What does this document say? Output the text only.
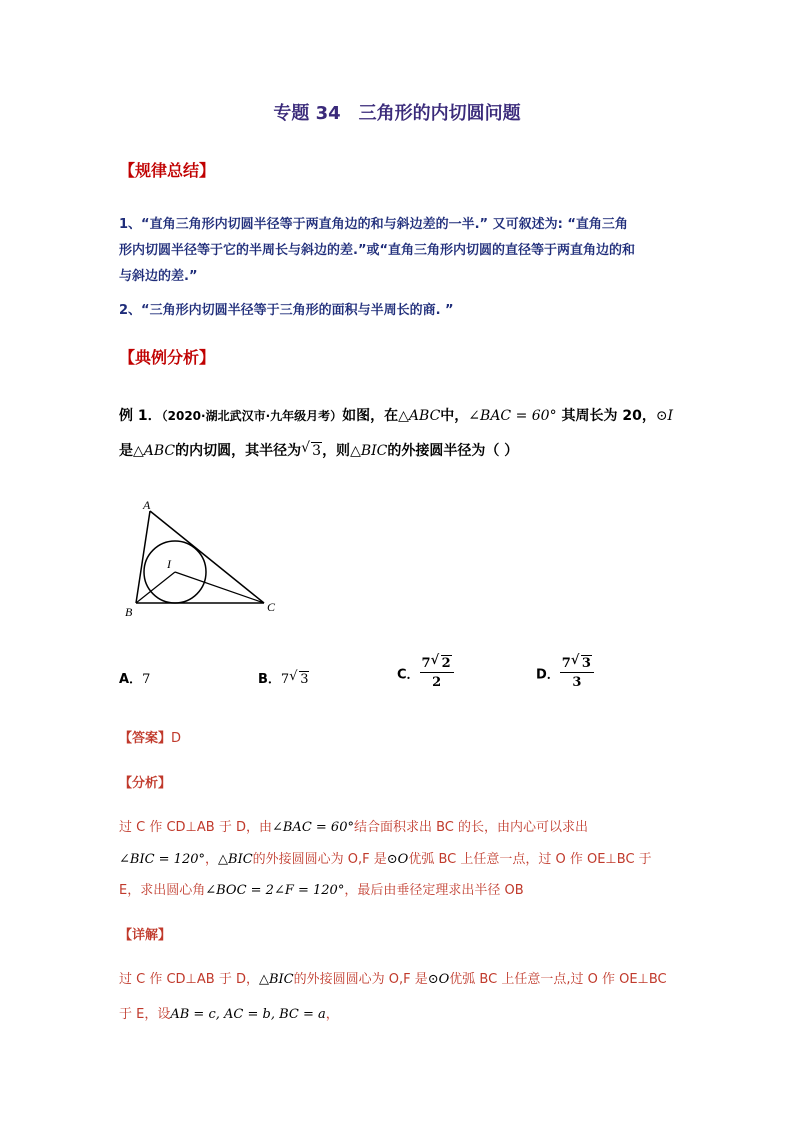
专题 34　三角形的内切圆问题
【规律总结】
1、“直角三角形内切圆半径等于两直角边的和与斜边差的一半.” 又可叙述为: “直角三角
形内切圆半径等于它的半周长与斜边的差.”或“直角三角形内切圆的直径等于两直角边的和
与斜边的差.”
2、“三角形内切圆半径等于三角形的面积与半周长的商. ”
【典例分析】
例 1．（2020·湖北武汉市·九年级月考）如图，在△ABC中，∠BAC = 60° 其周长为 20，⊙I
是△ABC的内切圆，其半径为 √ 3，则△BIC的外接圆半径为（ ）
A
B	C
I
A．7	B．7 √ 3	C． $\frac{7 √ 2}{2}$	D． $\frac{7 √ 3}{3}$
【答案】D
【分析】
过 C 作 CD⊥AB 于 D，由∠BAC = 60°结合面积求出 BC 的长，由内心可以求出
∠BIC = 120°，△BIC的外接圆圆心为 O,F 是⊙O优弧 BC 上任意一点，过 O 作 OE⊥BC 于
E，求出圆心角∠BOC = 2∠F = 120°，最后由垂径定理求出半径 OB
【详解】
过 C 作 CD⊥AB 于 D，△BIC的外接圆圆心为 O,F 是⊙O优弧 BC 上任意一点,过 O 作 OE⊥BC
于 E，设AB = c, AC = b, BC = a，
